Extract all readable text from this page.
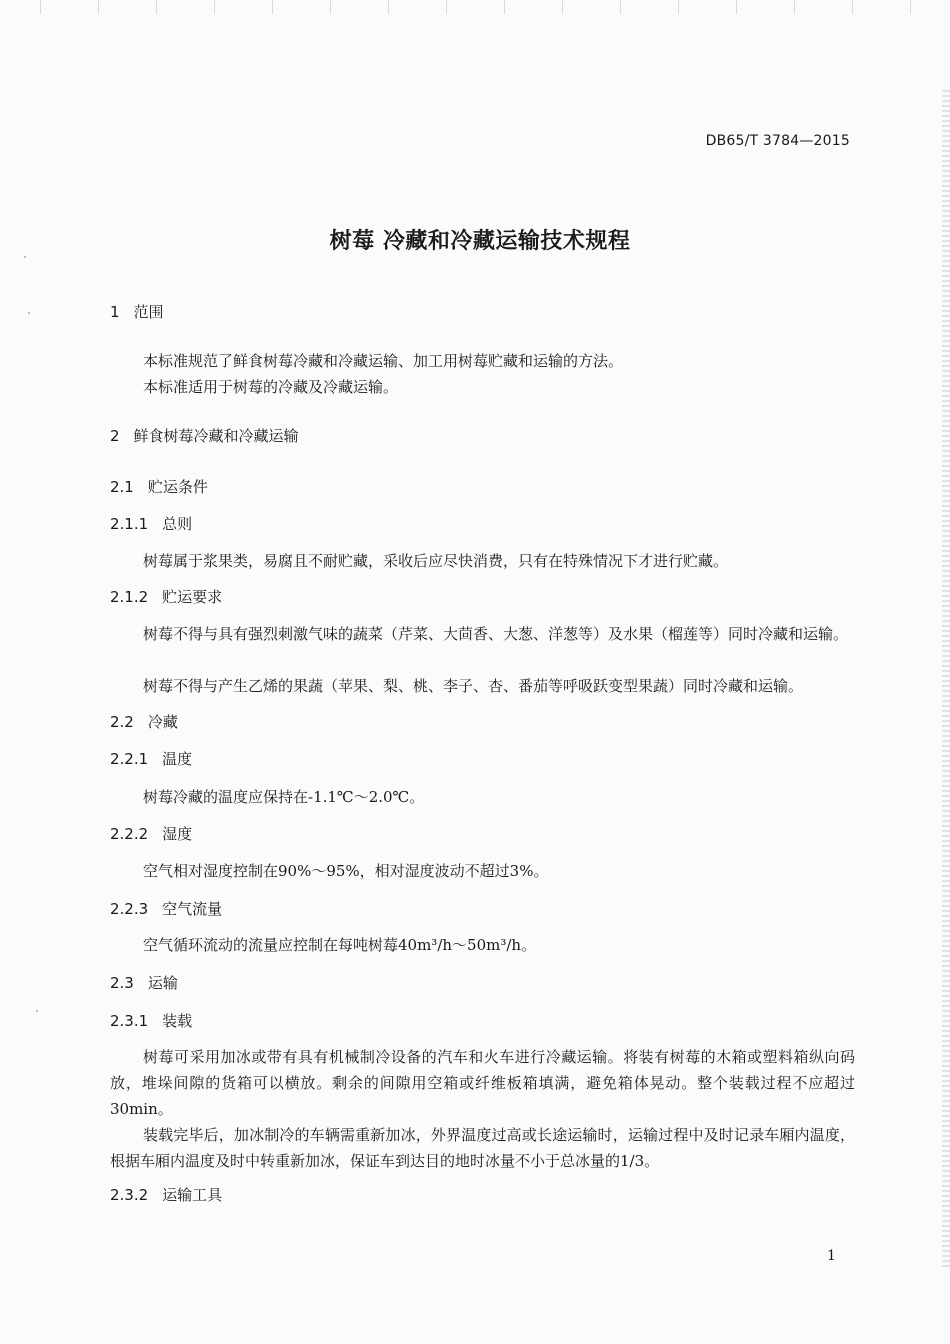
DB65/T 3784—2015
树莓 冷藏和冷藏运输技术规程
1 范围
本标准规范了鲜食树莓冷藏和冷藏运输、加工用树莓贮藏和运输的方法。
本标准适用于树莓的冷藏及冷藏运输。
2 鲜食树莓冷藏和冷藏运输
2.1 贮运条件
2.1.1 总则
树莓属于浆果类，易腐且不耐贮藏，采收后应尽快消费，只有在特殊情况下才进行贮藏。
2.1.2 贮运要求
树莓不得与具有强烈刺激气味的蔬菜（芹菜、大茴香、大葱、洋葱等）及水果（榴莲等）同时冷藏和运输。
树莓不得与产生乙烯的果蔬（苹果、梨、桃、李子、杏、番茄等呼吸跃变型果蔬）同时冷藏和运输。
2.2 冷藏
2.2.1 温度
树莓冷藏的温度应保持在-1.1℃～2.0℃。
2.2.2 湿度
空气相对湿度控制在90%～95%，相对湿度波动不超过3%。
2.2.3 空气流量
空气循环流动的流量应控制在每吨树莓40m³/h～50m³/h。
2.3 运输
2.3.1 装载
树莓可采用加冰或带有具有机械制冷设备的汽车和火车进行冷藏运输。将装有树莓的木箱或塑料箱纵向码放，堆垛间隙的货箱可以横放。剩余的间隙用空箱或纤维板箱填满，避免箱体晃动。整个装载过程不应超过30min。
装载完毕后，加冰制冷的车辆需重新加冰，外界温度过高或长途运输时，运输过程中及时记录车厢内温度，根据车厢内温度及时中转重新加冰，保证车到达目的地时冰量不小于总冰量的1/3。
2.3.2 运输工具
1
